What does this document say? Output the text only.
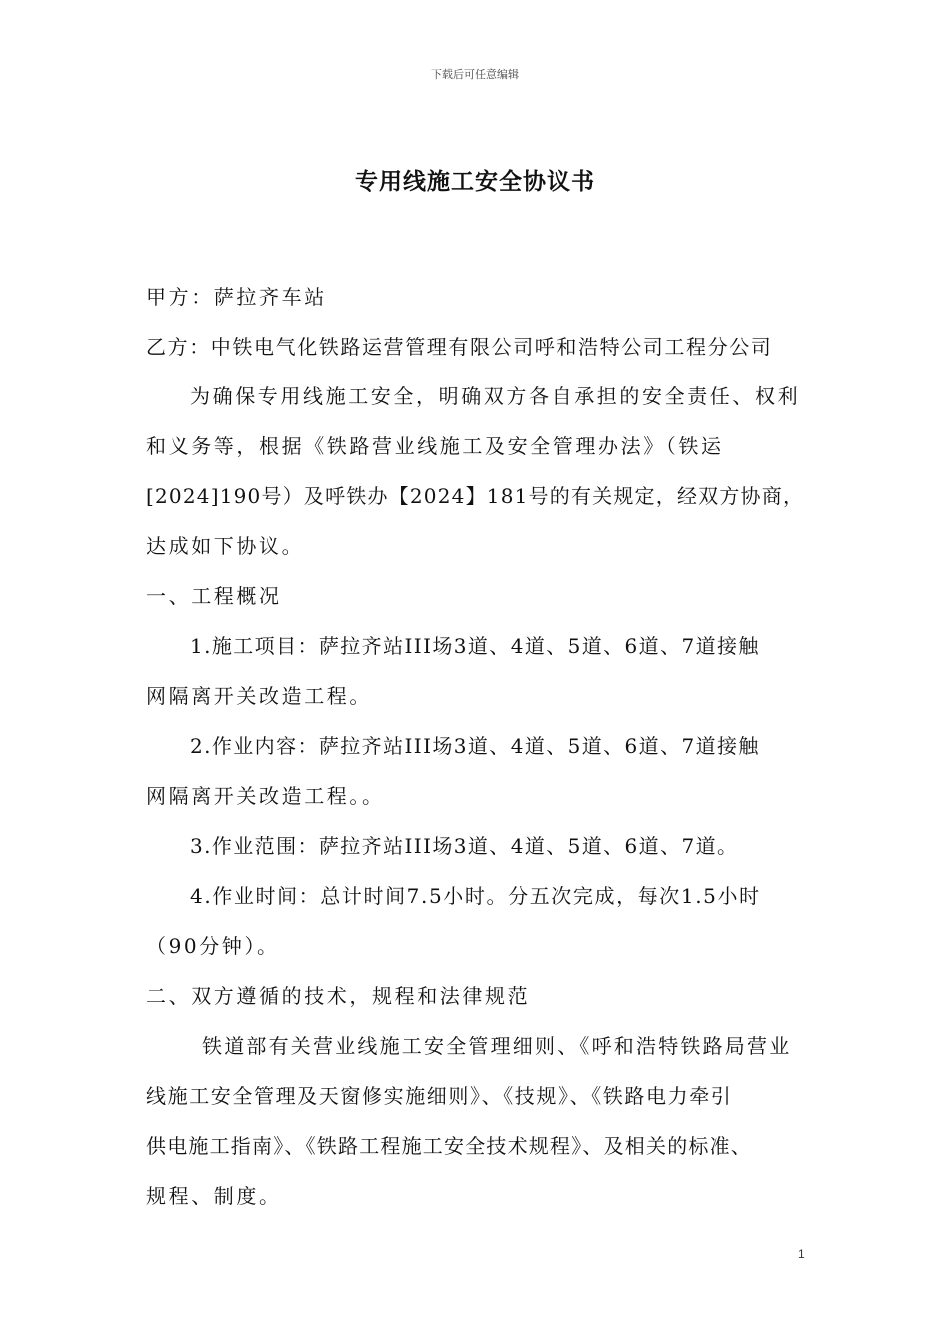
下载后可任意编辑
专用线施工安全协议书
甲方：萨拉齐车站
乙方：中铁电气化铁路运营管理有限公司呼和浩特公司工程分公司
为确保专用线施工安全，明确双方各自承担的安全责任、权利
和义务等，根据《铁路营业线施工及安全管理办法》（铁运
[2024]190号）及呼铁办【2024】181号的有关规定，经双方协商，
达成如下协议。
一、工程概况
1.施工项目：萨拉齐站III场3道、4道、5道、6道、7道接触
网隔离开关改造工程。
2.作业内容：萨拉齐站III场3道、4道、5道、6道、7道接触
网隔离开关改造工程。。
3.作业范围：萨拉齐站III场3道、4道、5道、6道、7道。
4.作业时间：总计时间7.5小时。分五次完成，每次1.5小时
（90分钟）。
二、双方遵循的技术，规程和法律规范
铁道部有关营业线施工安全管理细则、《呼和浩特铁路局营业
线施工安全管理及天窗修实施细则》、《技规》、《铁路电力牵引
供电施工指南》、《铁路工程施工安全技术规程》、及相关的标准、
规程、制度。
1
